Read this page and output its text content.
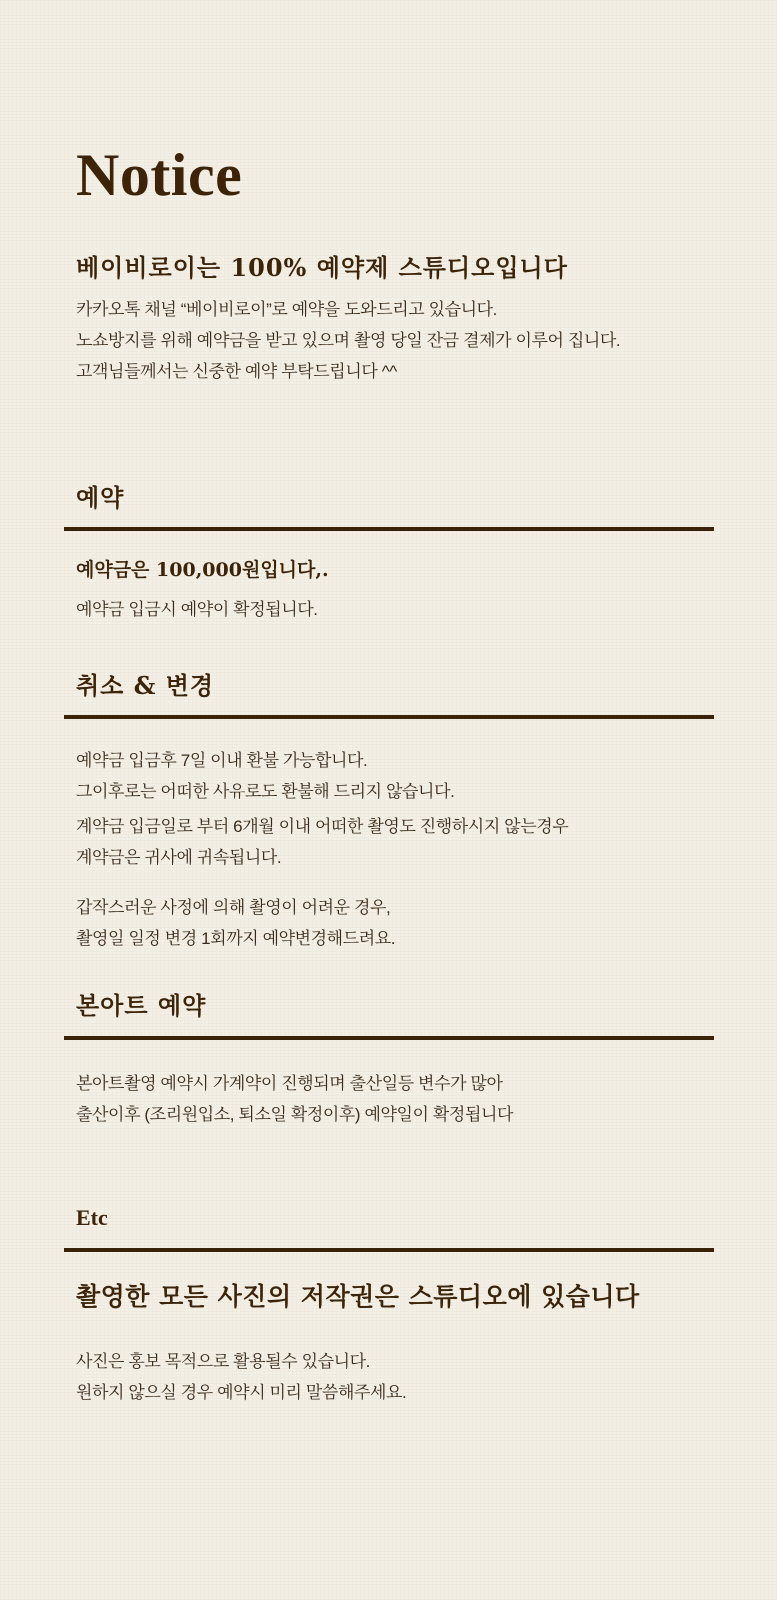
Notice
베이비로이는 100% 예약제 스튜디오입니다
카카오톡 채널 “베이비로이”로 예약을 도와드리고 있습니다.
노쇼방지를 위해 예약금을 받고 있으며 촬영 당일 잔금 결제가 이루어 집니다.
고객님들께서는 신중한 예약 부탁드립니다 ^^
예약
예약금은 100,000원입니다,.
예약금 입금시 예약이 확정됩니다.
취소 & 변경
예약금 입금후 7일 이내 환불 가능합니다.
그이후로는 어떠한 사유로도 환불해 드리지 않습니다.
계약금 입금일로 부터 6개월 이내 어떠한 촬영도 진행하시지 않는경우
계약금은 귀사에 귀속됩니다.
갑작스러운 사정에 의해 촬영이 어려운 경우,
촬영일 일정 변경 1회까지 예약변경해드려요.
본아트 예약
본아트촬영 예약시 가계약이 진행되며 출산일등 변수가 많아
출산이후 (조리원입소, 퇴소일 확정이후) 예약일이 확정됩니다
Etc
촬영한 모든 사진의 저작권은 스튜디오에 있습니다
사진은 홍보 목적으로 활용될수 있습니다.
원하지 않으실 경우 예약시 미리 말씀해주세요.
